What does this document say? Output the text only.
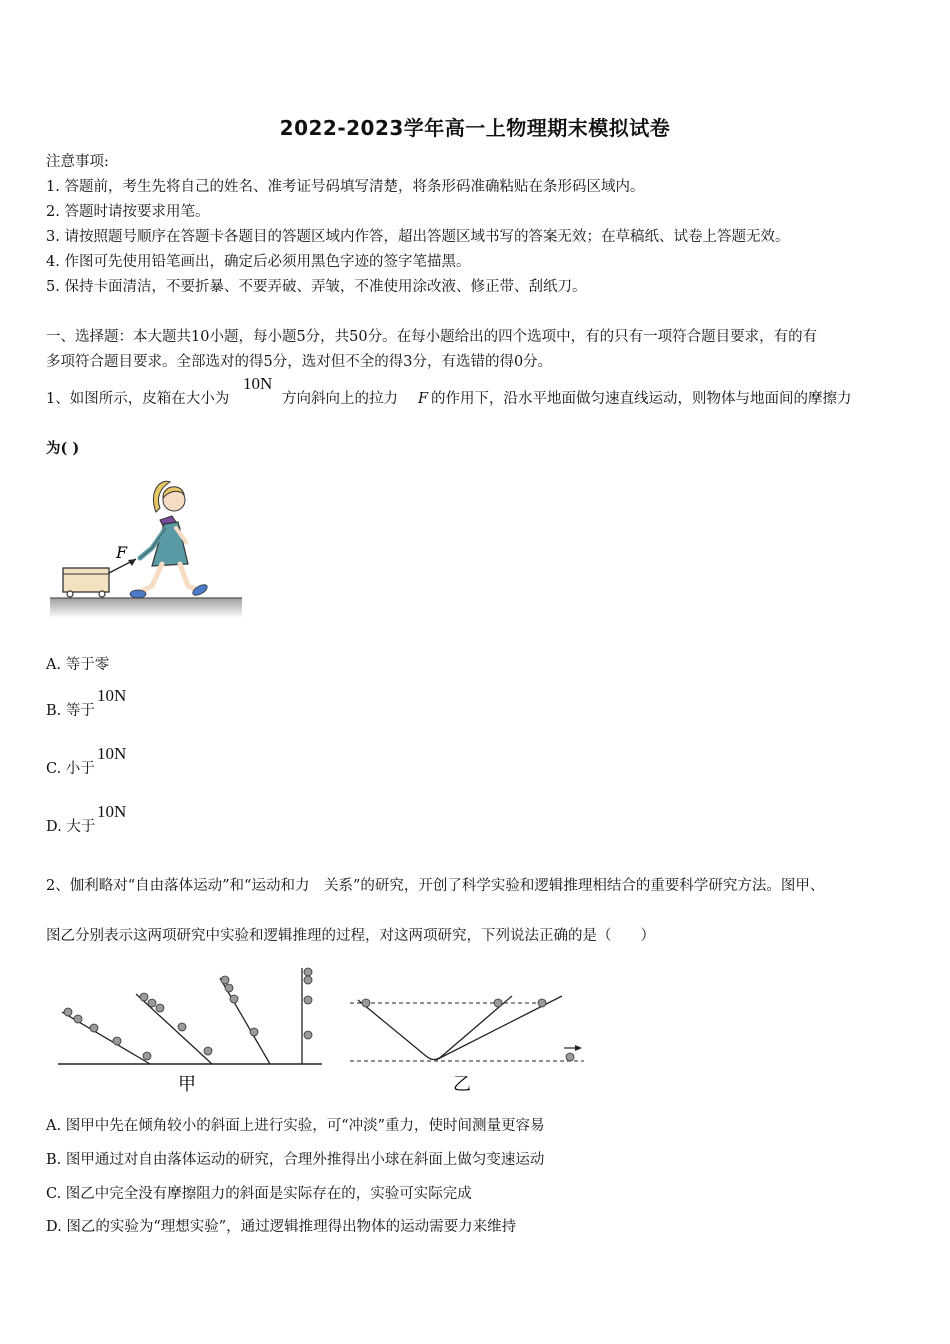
2022-2023学年高一上物理期末模拟试卷
注意事项:
1. 答题前，考生先将自己的姓名、准考证号码填写清楚，将条形码准确粘贴在条形码区域内。
2. 答题时请按要求用笔。
3. 请按照题号顺序在答题卡各题目的答题区域内作答，超出答题区域书写的答案无效；在草稿纸、试卷上答题无效。
4. 作图可先使用铅笔画出，确定后必须用黑色字迹的签字笔描黑。
5. 保持卡面清洁，不要折暴、不要弄破、弄皱，不准使用涂改液、修正带、刮纸刀。
一、选择题：本大题共10小题，每小题5分，共50分。在每小题给出的四个选项中，有的只有一项符合题目要求，有的有
多项符合题目要求。全部选对的得5分，选对但不全的得3分，有选错的得0分。
1、如图所示，皮箱在大小为
10N
方向斜向上的拉力 F 的作用下，沿水平地面做匀速直线运动，则物体与地面间的摩擦力
为( )
F
A. 等于零
B. 等于
10N
C. 小于
10N
D. 大于
10N
2、伽利略对“自由落体运动”和“运动和力　关系”的研究，开创了科学实验和逻辑推理相结合的重要科学研究方法。图甲、
图乙分别表示这两项研究中实验和逻辑推理的过程，对这两项研究，下列说法正确的是（　　）
甲	乙
A. 图甲中先在倾角较小的斜面上进行实验，可“冲淡”重力，使时间测量更容易
B. 图甲通过对自由落体运动的研究，合理外推得出小球在斜面上做匀变速运动
C. 图乙中完全没有摩擦阻力的斜面是实际存在的，实验可实际完成
D. 图乙的实验为“理想实验”，通过逻辑推理得出物体的运动需要力来维持
